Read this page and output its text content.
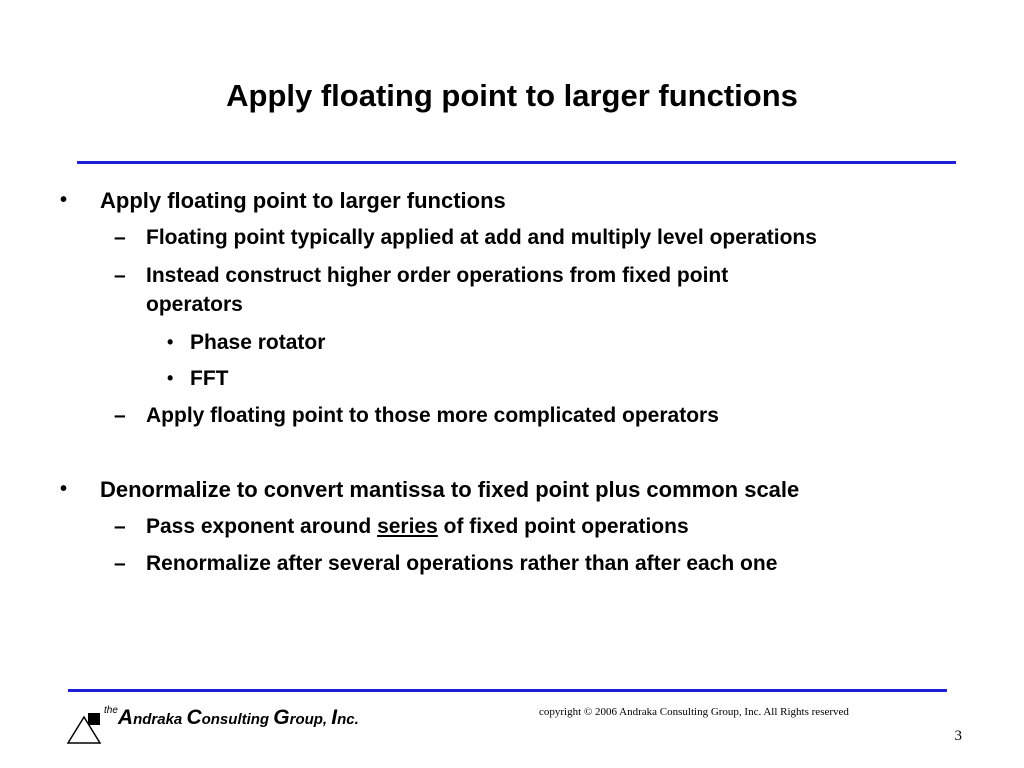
Apply floating point to larger functions
• Apply floating point to larger functions
– Floating point typically applied at add and multiply level operations
– Instead construct higher order operations from fixed point
operators
• Phase rotator
• FFT
– Apply floating point to those more complicated operators
• Denormalize to convert mantissa to fixed point plus common scale
– Pass exponent around series of fixed point operations
– Renormalize after several operations rather than after each one
$^{the}$Andraka Consulting Group, Inc.	copyright © 2006 Andraka Consulting Group, Inc. All Rights reserved
3
